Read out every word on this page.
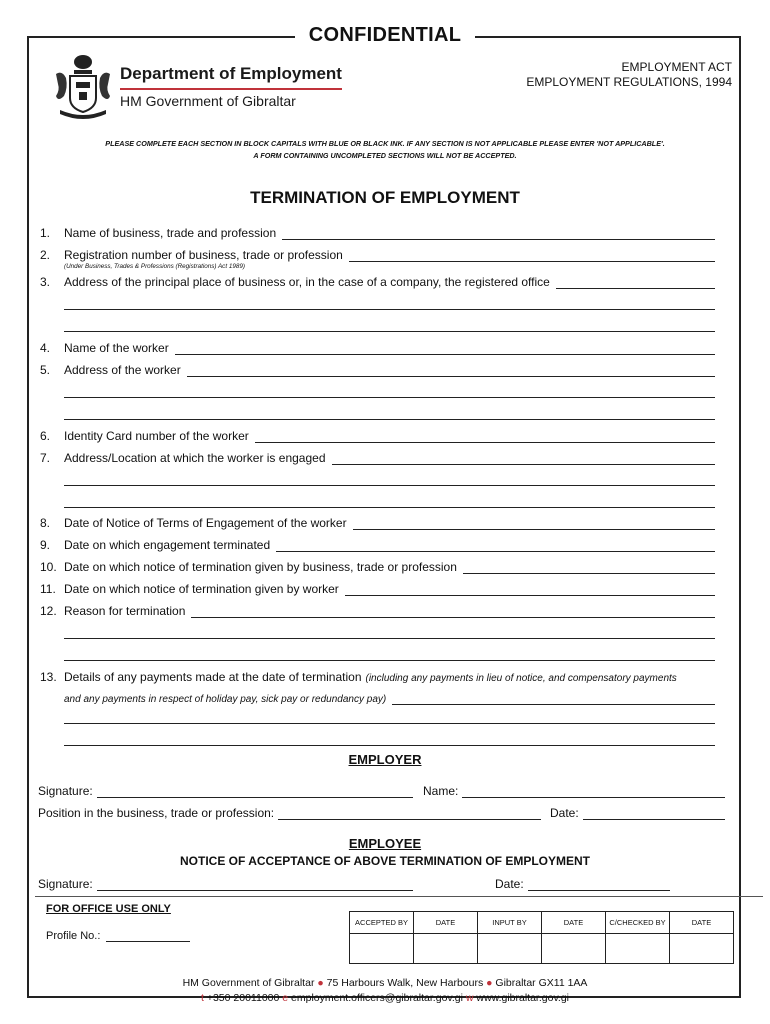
CONFIDENTIAL
Department of Employment
HM Government of Gibraltar
EMPLOYMENT ACT
EMPLOYMENT REGULATIONS, 1994
PLEASE COMPLETE EACH SECTION IN BLOCK CAPITALS WITH BLUE OR BLACK INK. IF ANY SECTION IS NOT APPLICABLE PLEASE ENTER 'NOT APPLICABLE'.
A FORM CONTAINING UNCOMPLETED SECTIONS WILL NOT BE ACCEPTED.
TERMINATION OF EMPLOYMENT
1.	Name of business, trade and profession
2.	Registration number of business, trade or profession
(Under Business, Trades & Professions (Registrations) Act 1989)
3.	Address of the principal place of business or, in the case of a company, the registered office
4.	Name of the worker
5.	Address of the worker
6.	Identity Card number of the worker
7.	Address/Location at which the worker is engaged
8.	Date of Notice of Terms of Engagement of the worker
9.	Date on which engagement terminated
10. Date on which notice of termination given by business, trade or profession
11. Date on which notice of termination given by worker
12. Reason for termination
13. Details of any payments made at the date of termination (including any payments in lieu of notice, and compensatory payments
and any payments in respect of holiday pay, sick pay or redundancy pay)
EMPLOYER
Signature:	Name:
Position in the business, trade or profession:	Date:
EMPLOYEE
NOTICE OF ACCEPTANCE OF ABOVE TERMINATION OF EMPLOYMENT
Signature:	Date:
FOR OFFICE USE ONLY
Profile No.:
ACCEPTED BY	DATE	INPUT BY	DATE	C/CHECKED BY	DATE

HM Government of Gibraltar ● 75 Harbours Walk, New Harbours ● Gibraltar GX11 1AA
t +350 20011000 e employment.officers@gibraltar.gov.gi w www.gibraltar.gov.gi
